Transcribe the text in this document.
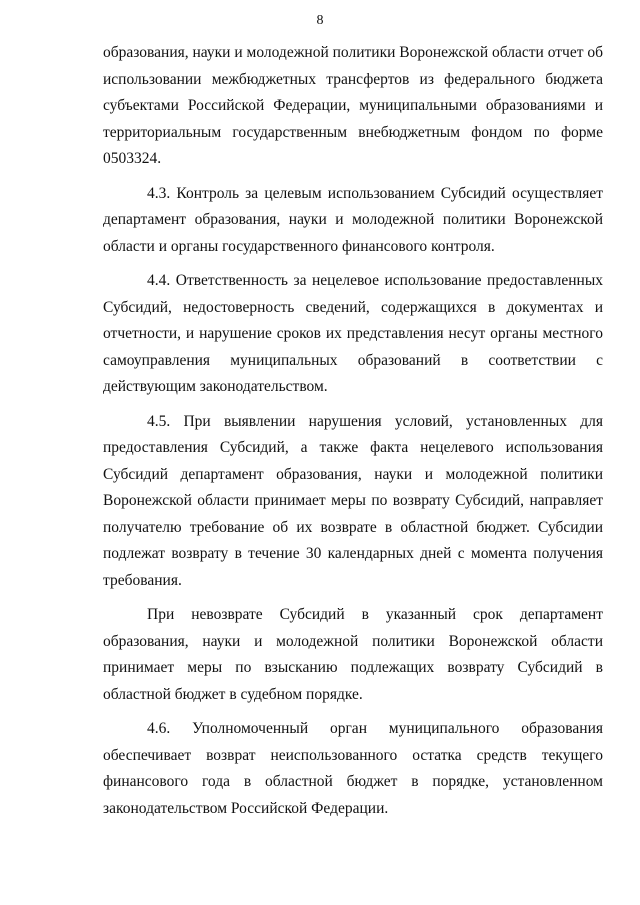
8

образования, науки и молодежной политики Воронежской области отчет об использовании межбюджетных трансфертов из федерального бюджета субъектами Российской Федерации, муниципальными образованиями и территориальным государственным внебюджетным фондом по форме 0503324.

4.3. Контроль за целевым использованием Субсидий осуществляет департамент образования, науки и молодежной политики Воронежской области и органы государственного финансового контроля.

4.4. Ответственность за нецелевое использование предоставленных Субсидий, недостоверность сведений, содержащихся в документах и отчетности, и нарушение сроков их представления несут органы местного самоуправления муниципальных образований в соответствии с действующим законодательством.

4.5. При выявлении нарушения условий, установленных для предоставления Субсидий, а также факта нецелевого использования Субсидий департамент образования, науки и молодежной политики Воронежской области принимает меры по возврату Субсидий, направляет получателю требование об их возврате в областной бюджет. Субсидии подлежат возврату в течение 30 календарных дней с момента получения требования.

При невозврате Субсидий в указанный срок департамент образования, науки и молодежной политики Воронежской области принимает меры по взысканию подлежащих возврату Субсидий в областной бюджет в судебном порядке.

4.6. Уполномоченный орган муниципального образования обеспечивает возврат неиспользованного остатка средств текущего финансового года в областной бюджет в порядке, установленном законодательством Российской Федерации.
